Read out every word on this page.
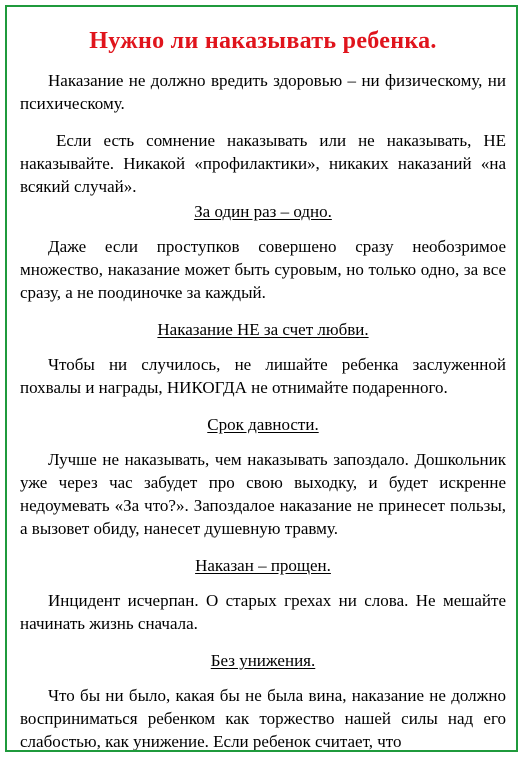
Нужно ли наказывать ребенка.

Наказание не должно вредить здоровью – ни физическому, ни психическому.

Если есть сомнение наказывать или не наказывать, НЕ наказывайте. Никакой «профилактики», никаких наказаний «на всякий случай».

За один раз – одно.

Даже если проступков совершено сразу необозримое множество, наказание может быть суровым, но только одно, за все сразу, а не поодиночке за каждый.

Наказание НЕ за счет любви.

Чтобы ни случилось, не лишайте ребенка заслуженной похвалы и награды, НИКОГДА не отнимайте подаренного.

Срок давности.

Лучше не наказывать, чем наказывать запоздало. Дошкольник уже через час забудет про свою выходку, и будет искренне недоумевать «За что?». Запоздалое наказание не принесет пользы, а вызовет обиду, нанесет душевную травму.

Наказан – прощен.

Инцидент исчерпан. О старых грехах ни слова. Не мешайте начинать жизнь сначала.

Без унижения.

Что бы ни было, какая бы не была вина, наказание не должно восприниматься ребенком как торжество нашей силы над его слабостью, как унижение. Если ребенок считает, что
